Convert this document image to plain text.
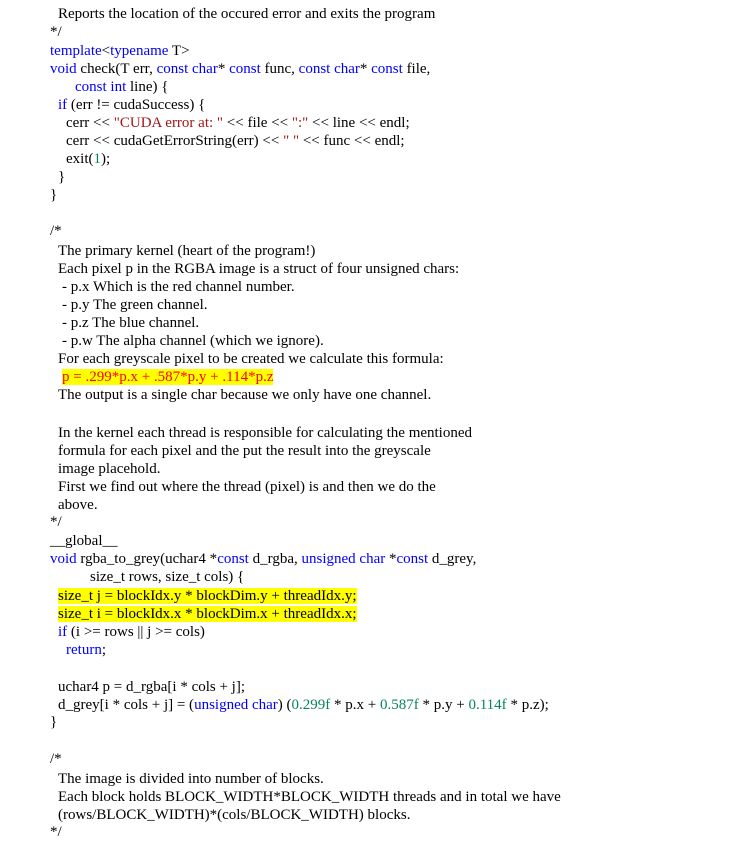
Reports the location of the occured error and exits the program
*/
template<typename T>
void check(T err, const char* const func, const char* const file,
const int line) {
if (err != cudaSuccess) {
cerr << "CUDA error at: " << file << ":" << line << endl;
cerr << cudaGetErrorString(err) << " " << func << endl;
exit(1);
}
}
/*
The primary kernel (heart of the program!)
Each pixel p in the RGBA image is a struct of four unsigned chars:
- p.x Which is the red channel number.
- p.y The green channel.
- p.z The blue channel.
- p.w The alpha channel (which we ignore).
For each greyscale pixel to be created we calculate this formula:
p = .299*p.x + .587*p.y + .114*p.z
The output is a single char because we only have one channel.
In the kernel each thread is responsible for calculating the mentioned
formula for each pixel and the put the result into the greyscale
image placehold.
First we find out where the thread (pixel) is and then we do the
above.
*/
__global__
void rgba_to_grey(uchar4 *const d_rgba, unsigned char *const d_grey,
size_t rows, size_t cols) {
size_t j = blockIdx.y * blockDim.y + threadIdx.y;
size_t i = blockIdx.x * blockDim.x + threadIdx.x;
if (i >= rows || j >= cols)
return;
uchar4 p = d_rgba[i * cols + j];
d_grey[i * cols + j] = (unsigned char) (0.299f * p.x + 0.587f * p.y + 0.114f * p.z);
}
/*
The image is divided into number of blocks.
Each block holds BLOCK_WIDTH*BLOCK_WIDTH threads and in total we have
(rows/BLOCK_WIDTH)*(cols/BLOCK_WIDTH) blocks.
*/
